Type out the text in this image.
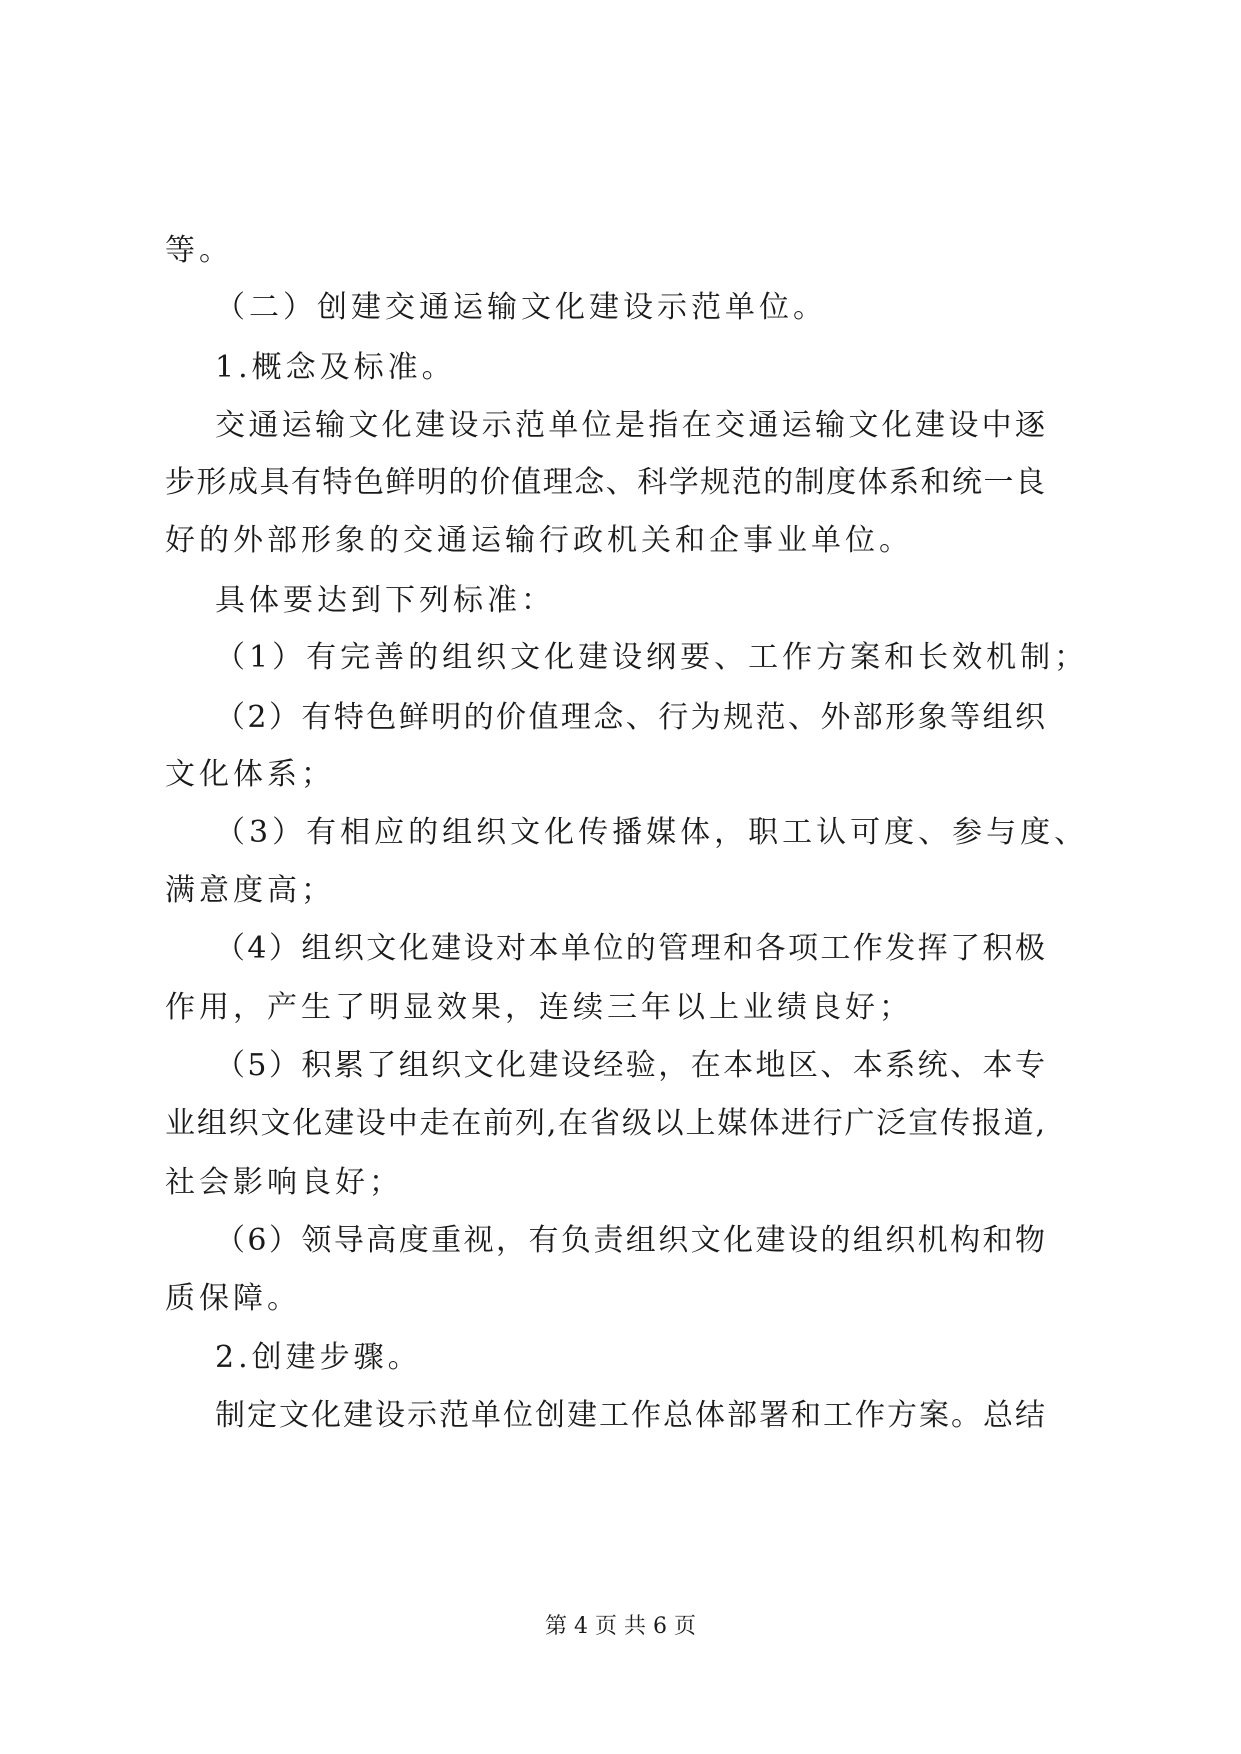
等。
（二）创建交通运输文化建设示范单位。
1.概念及标准。
交通运输文化建设示范单位是指在交通运输文化建设中逐
步形成具有特色鲜明的价值理念、科学规范的制度体系和统一良
好的外部形象的交通运输行政机关和企事业单位。
具体要达到下列标准：
（1）有完善的组织文化建设纲要、工作方案和长效机制；
（2）有特色鲜明的价值理念、行为规范、外部形象等组织
文化体系；
（3）有相应的组织文化传播媒体，职工认可度、参与度、
满意度高；
（4）组织文化建设对本单位的管理和各项工作发挥了积极
作用，产生了明显效果，连续三年以上业绩良好；
（5）积累了组织文化建设经验，在本地区、本系统、本专
业组织文化建设中走在前列,在省级以上媒体进行广泛宣传报道,
社会影响良好；
（6）领导高度重视，有负责组织文化建设的组织机构和物
质保障。
2.创建步骤。
制定文化建设示范单位创建工作总体部署和工作方案。总结
第 4 页 共 6 页
